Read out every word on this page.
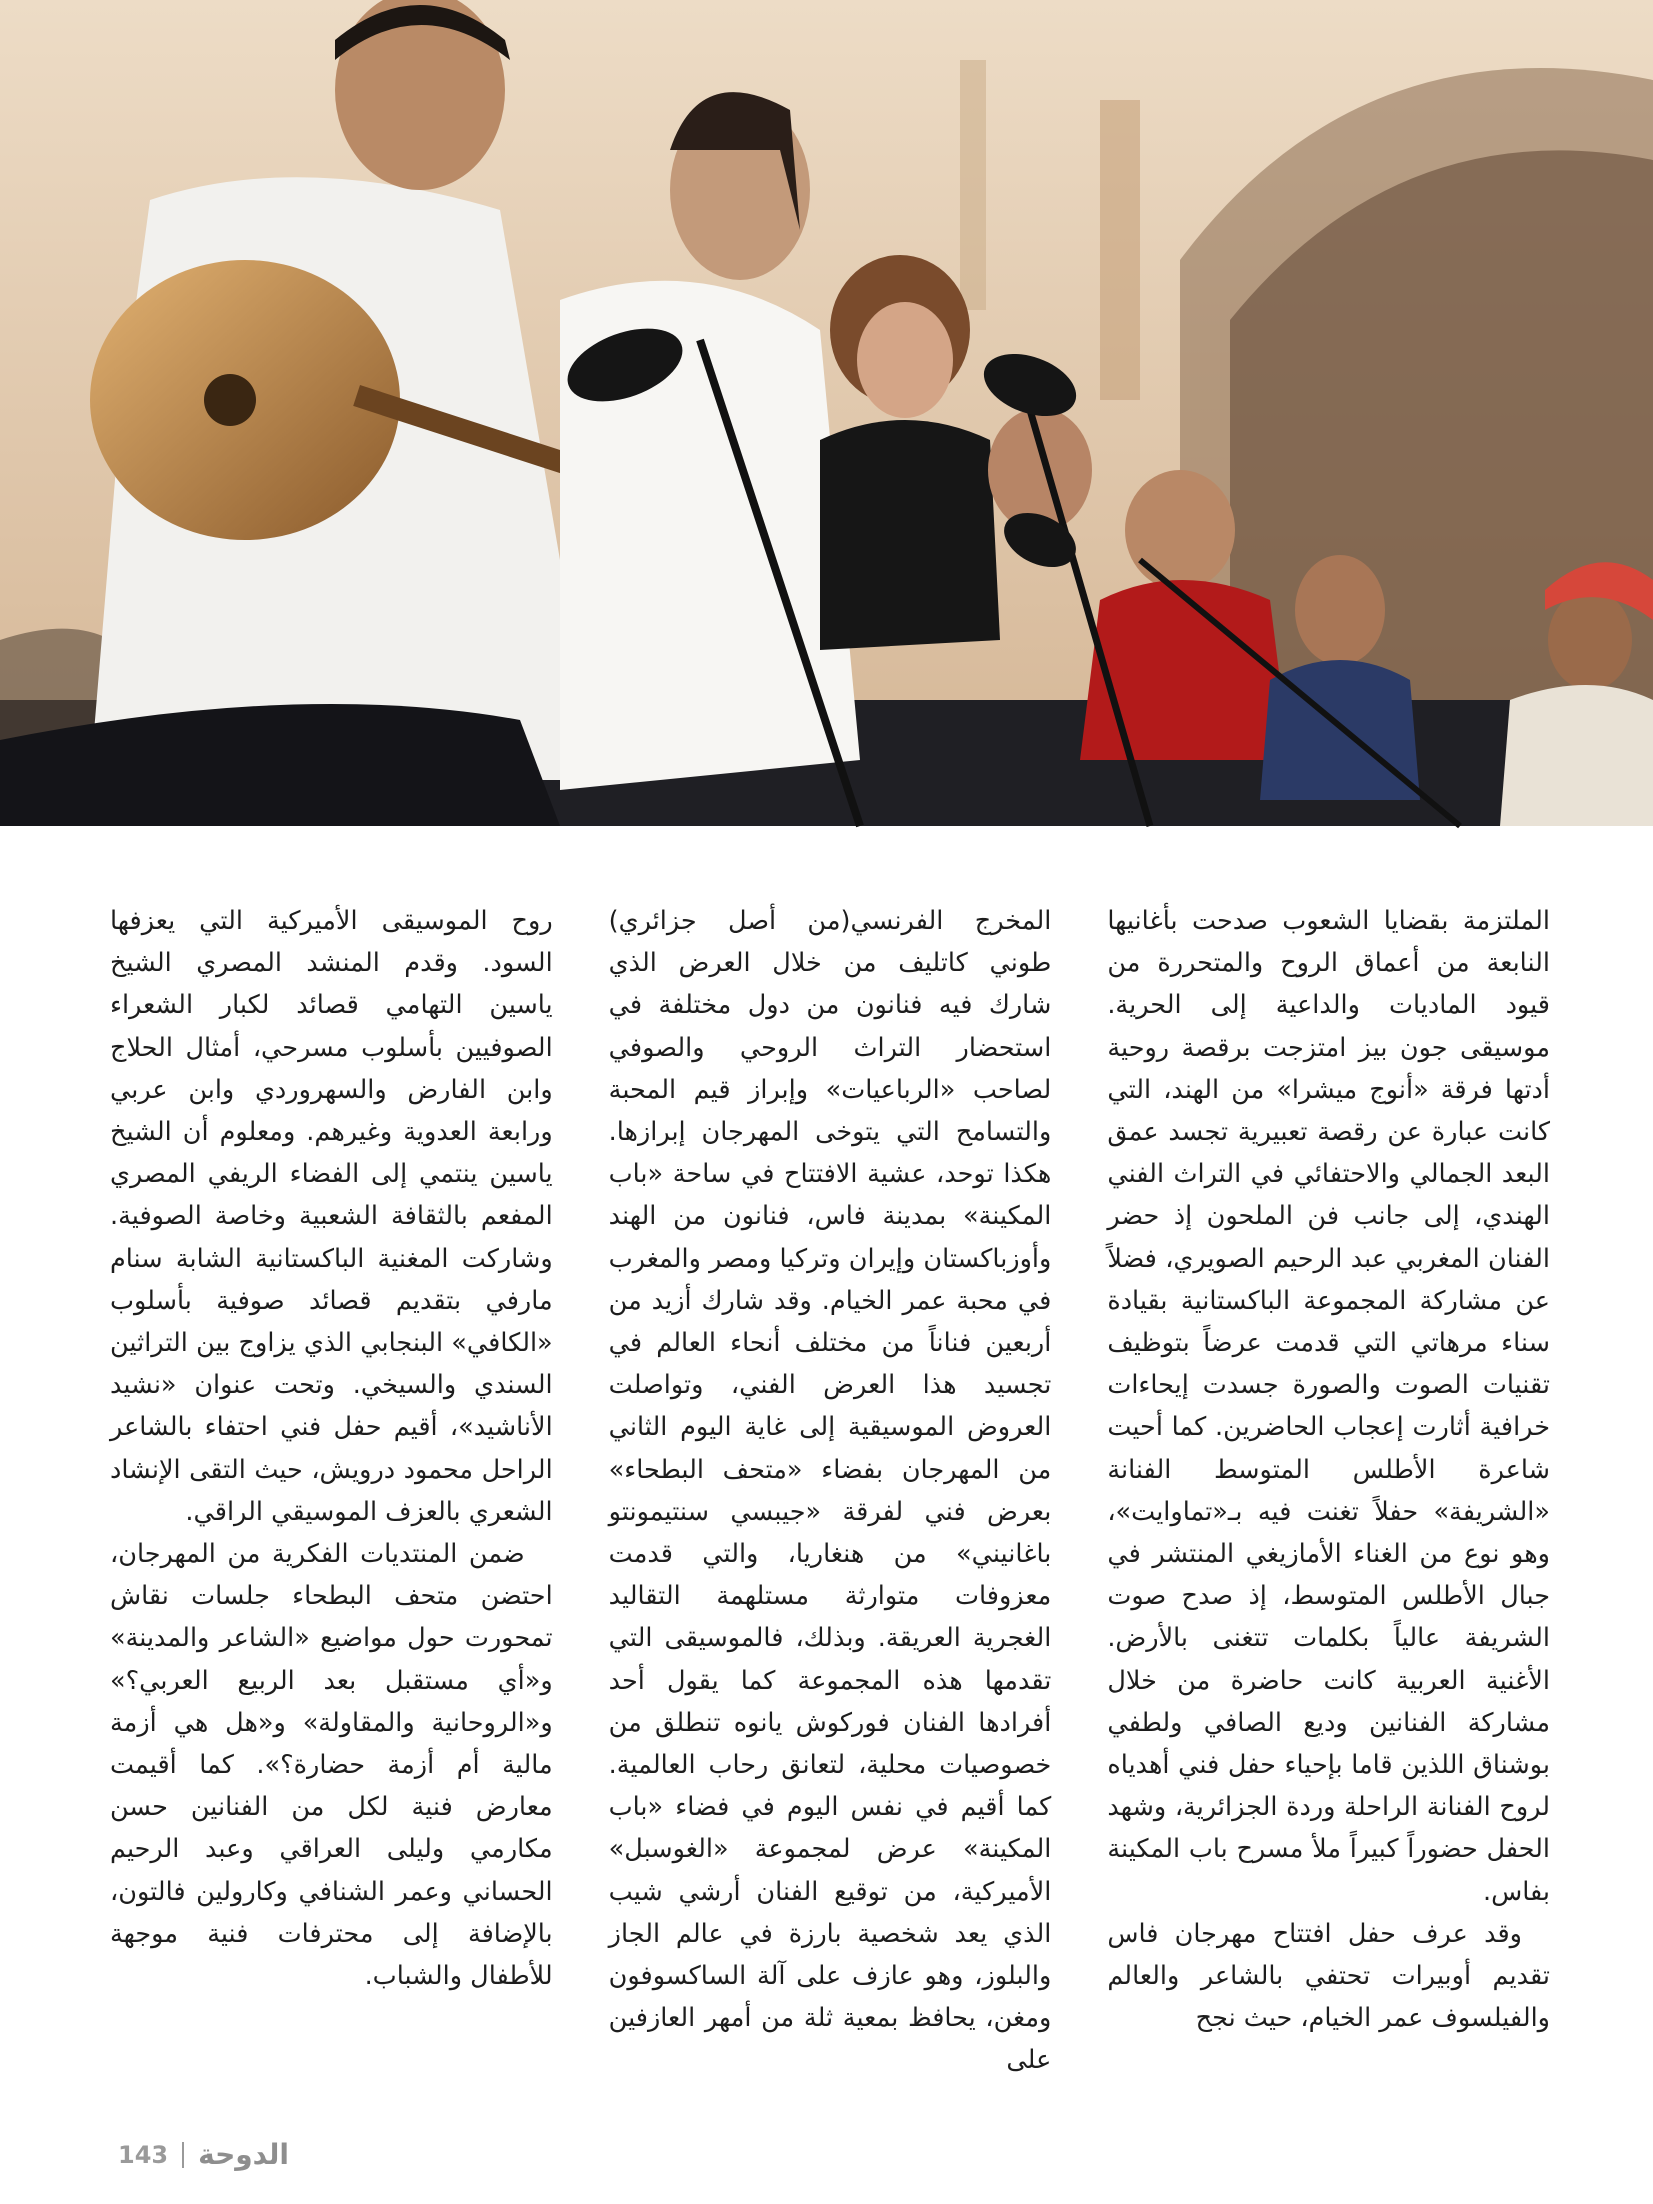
الملتزمة بقضايا الشعوب صدحت بأغانيها النابعة من أعماق الروح والمتحررة من قيود الماديات والداعية إلى الحرية. موسيقى جون بيز امتزجت برقصة روحية أدتها فرقة «أنوج ميشرا» من الهند، التي كانت عبارة عن رقصة تعبيرية تجسد عمق البعد الجمالي والاحتفائي في التراث الفني الهندي، إلى جانب فن الملحون إذ حضر الفنان المغربي عبد الرحيم الصويري، فضلاً عن مشاركة المجموعة الباكستانية بقيادة سناء مرهاتي التي قدمت عرضاً بتوظيف تقنيات الصوت والصورة جسدت إيحاءات خرافية أثارت إعجاب الحاضرين. كما أحيت شاعرة الأطلس المتوسط الفنانة «الشريفة» حفلاً تغنت فيه بـ«تماوايت»، وهو نوع من الغناء الأمازيغي المنتشر في جبال الأطلس المتوسط، إذ صدح صوت الشريفة عالياً بكلمات تتغنى بالأرض. الأغنية العربية كانت حاضرة من خلال مشاركة الفنانين وديع الصافي ولطفي بوشناق اللذين قاما بإحياء حفل فني أهدياه لروح الفنانة الراحلة وردة الجزائرية، وشهد الحفل حضوراً كبيراً ملأ مسرح باب المكينة بفاس.

وقد عرف حفل افتتاح مهرجان فاس تقديم أوبيرات تحتفي بالشاعر والعالم والفيلسوف عمر الخيام، حيث نجح

المخرج الفرنسي(من أصل جزائري) طوني كاتليف من خلال العرض الذي شارك فيه فنانون من دول مختلفة في استحضار التراث الروحي والصوفي لصاحب «الرباعيات» وإبراز قيم المحبة والتسامح التي يتوخى المهرجان إبرازها. هكذا توحد، عشية الافتتاح في ساحة «باب المكينة» بمدينة فاس، فنانون من الهند وأوزباكستان وإيران وتركيا ومصر والمغرب في محبة عمر الخيام. وقد شارك أزيد من أربعين فناناً من مختلف أنحاء العالم في تجسيد هذا العرض الفني، وتواصلت العروض الموسيقية إلى غاية اليوم الثاني من المهرجان بفضاء «متحف البطحاء» بعرض فني لفرقة «جيبسي سنتيمونتو باغانيني» من هنغاريا، والتي قدمت معزوفات متوارثة مستلهمة التقاليد الغجرية العريقة. وبذلك، فالموسيقى التي تقدمها هذه المجموعة كما يقول أحد أفرادها الفنان فوركوش يانوه تنطلق من خصوصيات محلية، لتعانق رحاب العالمية. كما أقيم في نفس اليوم في فضاء «باب المكينة» عرض لمجموعة «الغوسبل» الأميركية، من توقيع الفنان أرشي شيب الذي يعد شخصية بارزة في عالم الجاز والبلوز، وهو عازف على آلة الساكسوفون ومغن، يحافظ بمعية ثلة من أمهر العازفين على

روح الموسيقى الأميركية التي يعزفها السود. وقدم المنشد المصري الشيخ ياسين التهامي قصائد لكبار الشعراء الصوفيين بأسلوب مسرحي، أمثال الحلاج وابن الفارض والسهروردي وابن عربي ورابعة العدوية وغيرهم. ومعلوم أن الشيخ ياسين ينتمي إلى الفضاء الريفي المصري المفعم بالثقافة الشعبية وخاصة الصوفية. وشاركت المغنية الباكستانية الشابة سنام مارفي بتقديم قصائد صوفية بأسلوب «الكافي» البنجابي الذي يزاوج بين التراثين السندي والسيخي. وتحت عنوان «نشيد الأناشيد»، أقيم حفل فني احتفاء بالشاعر الراحل محمود درويش، حيث التقى الإنشاد الشعري بالعزف الموسيقي الراقي.

ضمن المنتديات الفكرية من المهرجان، احتضن متحف البطحاء جلسات نقاش تمحورت حول مواضيع «الشاعر والمدينة» و«أي مستقبل بعد الربيع العربي؟» و«الروحانية والمقاولة» و«هل هي أزمة مالية أم أزمة حضارة؟». كما أقيمت معارض فنية لكل من الفنانين حسن مكارمي وليلى العراقي وعبد الرحيم الحساني وعمر الشنافي وكارولين فالتون، بالإضافة إلى محترفات فنية موجهة للأطفال والشباب.

143 الدوحة
